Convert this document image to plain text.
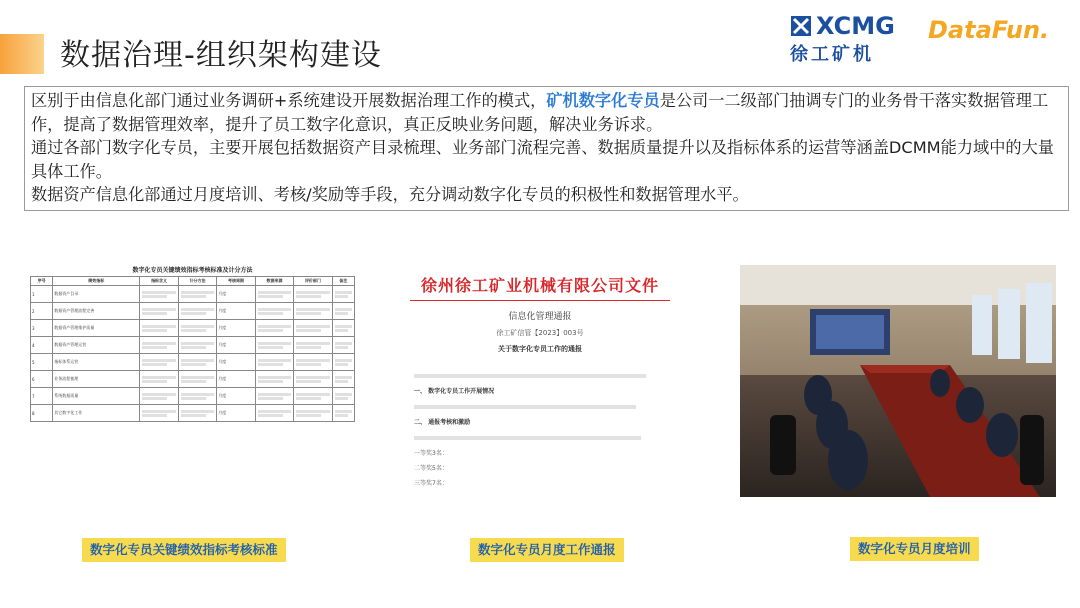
数据治理-组织架构建设
XCMG
徐工矿机
DataFun.

区别于由信息化部门通过业务调研+系统建设开展数据治理工作的模式，矿机数字化专员是公司一二级部门抽调专门的业务骨干落实数据管理工作，提高了数据管理效率，提升了员工数字化意识，真正反映业务问题，解决业务诉求。

通过各部门数字化专员，主要开展包括数据资产目录梳理、业务部门流程完善、数据质量提升以及指标体系的运营等涵盖DCMM能力域中的大量具体工作。

数据资产信息化部通过月度培训、考核/奖励等手段，充分调动数字化专员的积极性和数据管理水平。

数字化专员关键绩效指标考核标准及计分方法
序号	绩效指标	指标含义	计分方法	考核周期	数据来源	评价部门	备注
1	数据资产目录			月度	

2	数据资产管理流程完善			月度	

3	数据资产管理维护质量			月度	

4	数据资产管理运营			月度	

5	指标体系运营			月度	

6	业务流程梳理			月度	

7	系统数据质量			月度	

8	其它数字化工作			月度	

数字化专员关键绩效指标考核标准
徐州徐工矿业机械有限公司文件
信息化管理通报
徐工矿信管【2023】003号
关于数字化专员工作的通报
一、 数字化专员工作开展情况
二、 通报考核和激励
一等奖3名：
二等奖5名：
三等奖7名：
数字化专员月度工作通报	数字化专员月度培训
